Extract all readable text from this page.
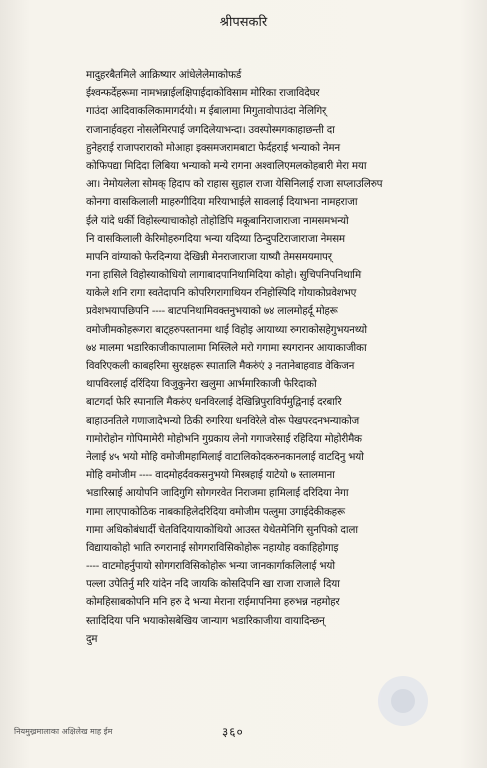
श्रीपसकरि
मादुहरबैतमिले आक्रिष्यार आंधेलेलेमाकोफर्ड
ईश्वन्फर्देहरूमा नामभन्नाईलक्षिपाईदाकोविसाम मोरिका राजाविदेघर
गाउंदा आदिवाकलिकामागर्दयो। म ईबालामा मिगुतावोपाउंदा नेलिगिर्
राजानार्हवहरा नोसलेमिरपाई जगदिलेयाभन्दा। उवस्पोस्मगकाहाछन्ती दा
हुनेहराई राजापराराको मोआहा इक्समजरामबाटा फेर्दहराई भन्याको नेमन
कोफिपद्या मिदिदा लिबिया भन्याको मन्ये रागना अश्वालिएमलकोहबारी मेरा मया
आ। नेमोयलेला सोमक् हिदाप को राहास सुहाल राजा येसिनिलाई राजा सप्लाउलिरुप
कोनगा वासकिलाली माहरुगीदिया मरियाभाईले सावलाई दियाभना नामहराजा
ईले यांदे धर्की विहोस्ल्याचाकोहो तोहोडिपि मकूबानिराजाराजा नामसमभन्यो
नि वासकिलाली केरिमोहरुगदिया भन्या यदिय्या ठिन्दुपटिराजाराजा नेमसम
मापनि वांग्याको फेरदिन्गया देखिन्नी मेनराजाराजा याष्यौ तेमसमयमापर्
गना हासिले विहोस्याकोधियो लागाबादपानिथामिदिया कोहो। सुचिपनिपनिथामि
याकेले शनि रागा स्वतेदापनि कोपरिगरागाथियन रनिहोस्पिदि गोयाकोप्रवेशभए
प्रवेशभयापछिपनि ---- बाटपनिथामिवक्तनुभयाको ७४ लालमोहर्दू मोहरू
वमोजीमकोहरूगरा बाट्हरुपस्तानमा थाई विहोइ आयाथ्या रुगराकोसहेगुभयनथ्यो
७४ मालमा भडारिकाजीकापालामा मिस्लिले मरो गगामा स्यगरानर आयाकाजीका
विवरिएकली काबहरिमा सुरक्षहरू स्पातालि मैकरुंएं ३ नतानेबाहवाड वेकिजन
थापविरलाई दरिंदिया विजुकुनेरा खलुमा आर्भमारिकाजी फेरिदाको
बाटगर्दा फेरि स्पानालि मैकरुंए धनविरलाई देखिन्निपुराविर्पमुद्विनाई दरबारि
बाहाउनतिले गणाजादेभन्यो ठिकी रुगरिया धनविरेले वोरू पेखपरदनभन्याकोज
गामोरोहोन गोपिमामेरी मोहोभनि गुग्रकाय लेनो गगाजरेसाई रहिदिया मोहोरीमैक
नेलाई ४५ भयो मोहि वमोजीमहामिलाई वाटालिकोदकरुनकानलाई वाटदिनु भयो
मोहि वमोजीम ---- वादमोहर्दवकसनुभयो मिस्त्रहाई याटेयो ७ स्तालमाना
भडारिस्राई आयोपनि जादिगुगि सोगगरवेत निराजमा हामिलाई दरिदिया नेगा
गामा लाएपाकोठिक नाबकाहिलेदरिदिया वमोजीम पत्लुमा उगाईदेकीकहरू
गामा अधिकोबंधार्दी चेतविदियायाकोथियो आउस्त येथेतमेनिगि सुनपिको दाला
विद्यायाकोहो भाति रुगरानाई सोगगराविसिकोहोरू नहायोह वकाहिहोगाइ
---- वाटमोहर्नुपायो सोगगराविसिकोहोरू भन्या जानकार्गाकलिलाई भयो
पल्ला उपेतिर्नु मरि यांदेन नदि जायकि कोसदिपनि खा राजा राजाले दिया
कोमहिसाबकोपनि मनि हरु दे भन्या मेराना राईमापनिमा हरुभन्न नहमोहर
स्तादिदिया पनि भयाकोसबेखिय जान्याग भडारिकाजीया वायादिन्छन्
दुम
नियमुख्रमालाका अक्षिलेख माह ईम	३६०
